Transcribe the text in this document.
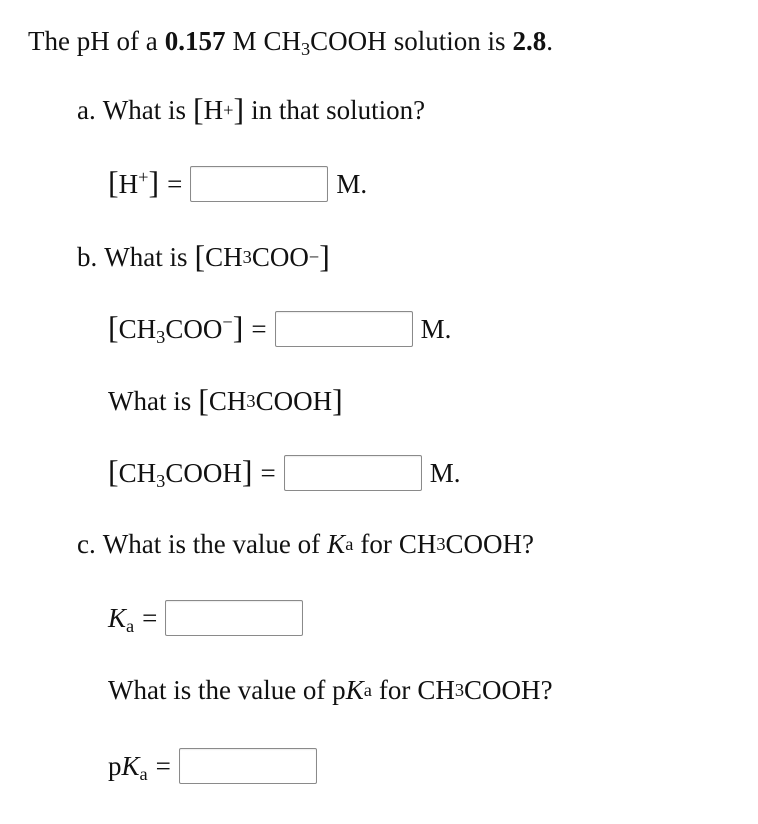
The pH of a 0.157 M $CH_3COOH$ solution is 2.8 .
a. What is [ H + ] in that solution?
[H+] =	M.
b. What is [ CH 3 COO − ]
$[CH_3COO^-]$ =	M.
What is [ CH 3 COOH ]
$[CH_3COOH]$ =	M.
c. What is the value of K a for CH 3 COOH ?
$K_a$ =
What is the value of p K a for CH 3 COOH ?
$pK_a$ =
